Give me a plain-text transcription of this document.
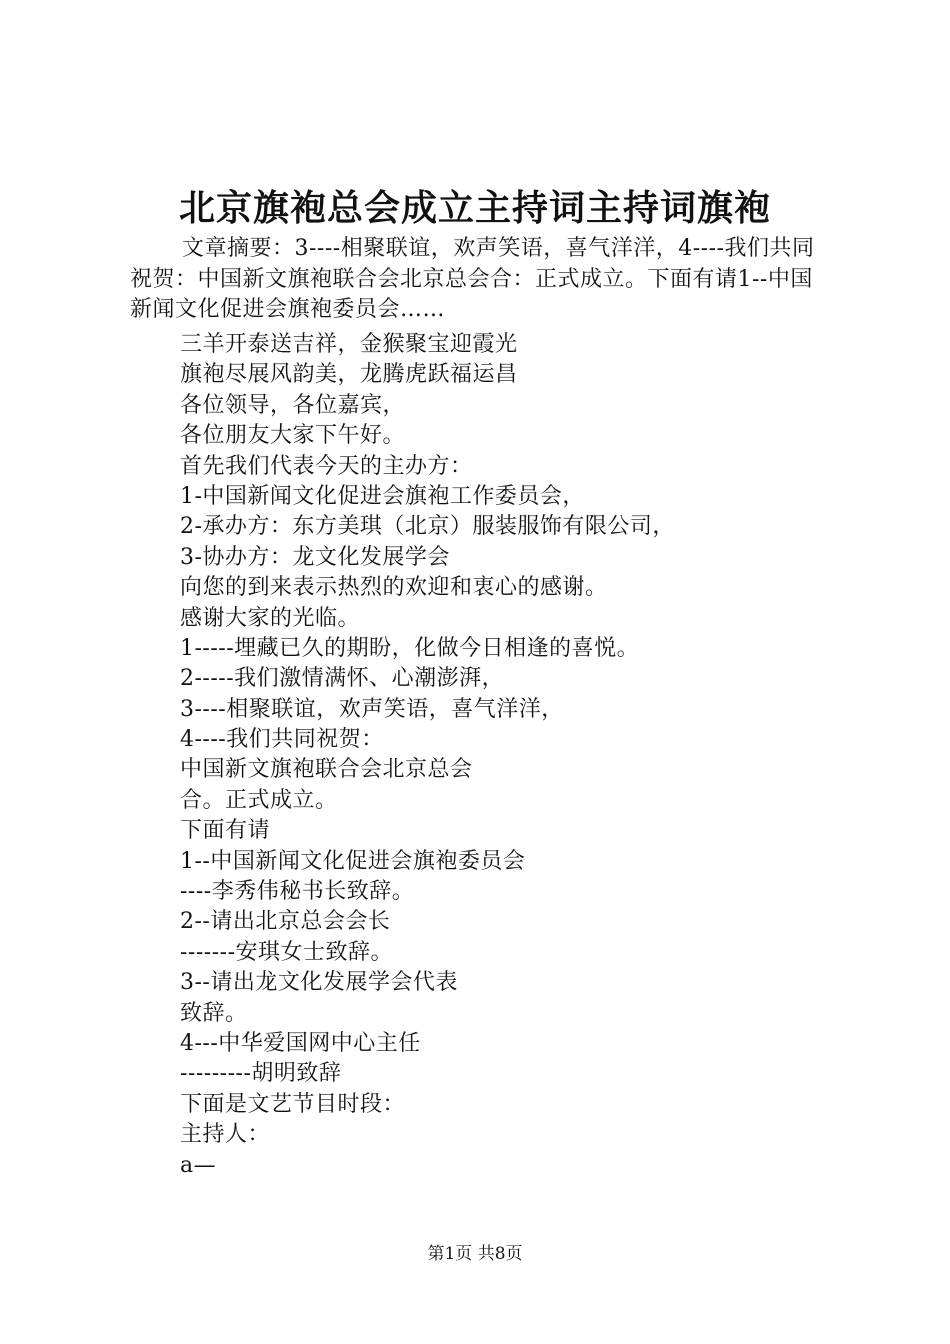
北京旗袍总会成立主持词主持词旗袍

文章摘要：3----相聚联谊，欢声笑语，喜气洋洋，4----我们共同祝贺：中国新文旗袍联合会北京总会合：正式成立。下面有请1--中国新闻文化促进会旗袍委员会……

三羊开泰送吉祥，金猴聚宝迎霞光
旗袍尽展风韵美，龙腾虎跃福运昌
各位领导，各位嘉宾，
各位朋友大家下午好。
首先我们代表今天的主办方：
1-中国新闻文化促进会旗袍工作委员会，
2-承办方：东方美琪（北京）服装服饰有限公司，
3-协办方：龙文化发展学会
向您的到来表示热烈的欢迎和衷心的感谢。
感谢大家的光临。
1-----埋藏已久的期盼，化做今日相逢的喜悦。
2-----我们激情满怀、心潮澎湃，
3----相聚联谊，欢声笑语，喜气洋洋，
4----我们共同祝贺：
中国新文旗袍联合会北京总会
合。正式成立。
下面有请
1--中国新闻文化促进会旗袍委员会
----李秀伟秘书长致辞。
2--请出北京总会会长
-------安琪女士致辞。
3--请出龙文化发展学会代表
致辞。
4---中华爱国网中心主任
---------胡明致辞
下面是文艺节目时段：
主持人：
a—
第1页 共8页
